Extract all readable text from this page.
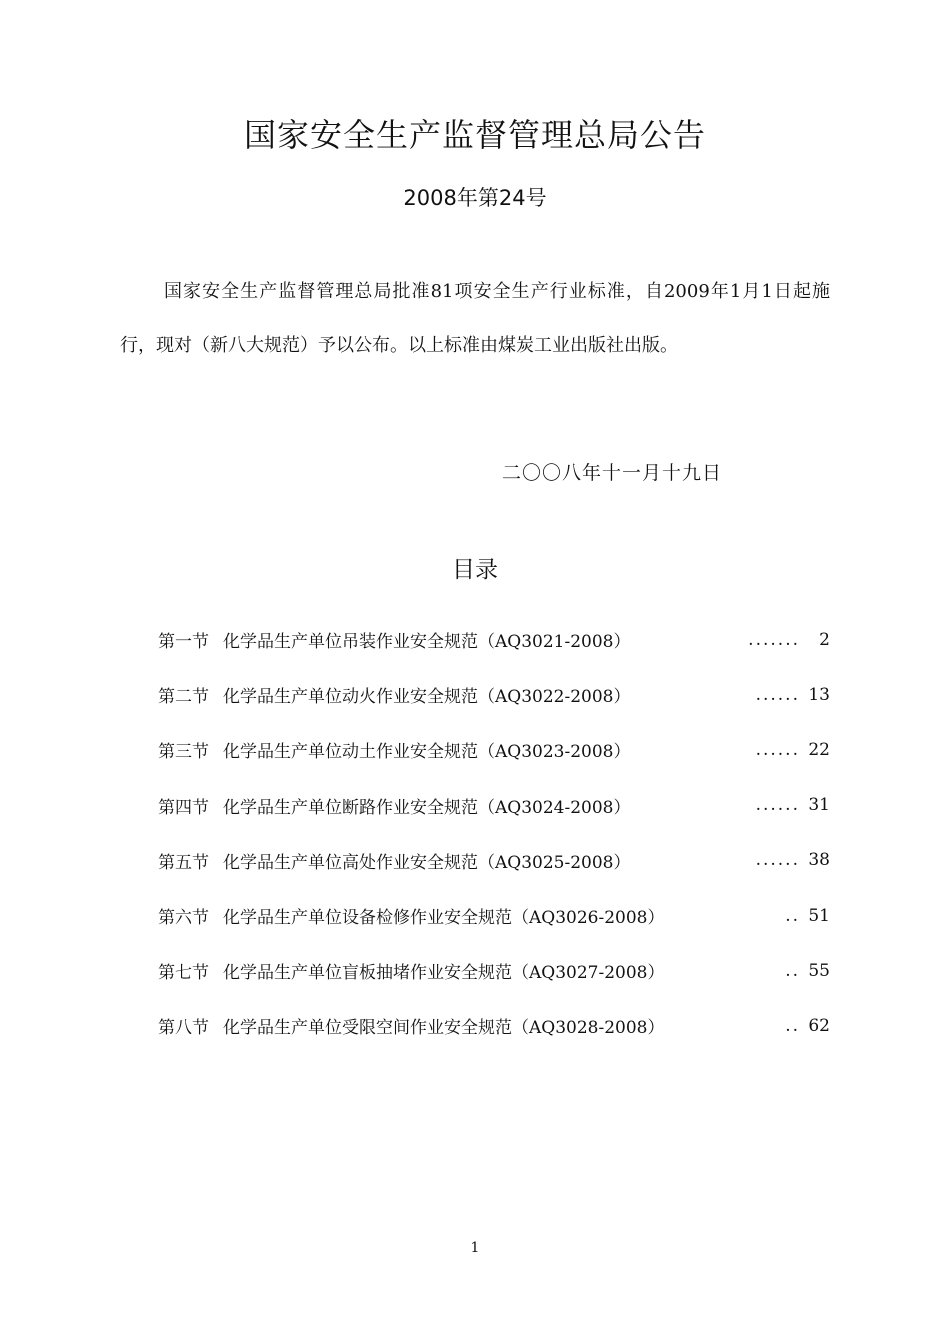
国家安全生产监督管理总局公告
2008年第24号
国家安全生产监督管理总局批准81项安全生产行业标准，自2009年1月1日起施行，现对（新八大规范）予以公布。以上标准由煤炭工业出版社出版。
二〇〇八年十一月十九日
目录
第一节 化学品生产单位吊装作业安全规范（AQ3021-2008）	.......	2
第二节 化学品生产单位动火作业安全规范（AQ3022-2008）	...... 13
第三节 化学品生产单位动土作业安全规范（AQ3023-2008）	...... 22
第四节 化学品生产单位断路作业安全规范（AQ3024-2008）	...... 31
第五节 化学品生产单位高处作业安全规范（AQ3025-2008）	...... 38
第六节 化学品生产单位设备检修作业安全规范（AQ3026-2008）	.. 51
第七节 化学品生产单位盲板抽堵作业安全规范（AQ3027-2008）	.. 55
第八节 化学品生产单位受限空间作业安全规范（AQ3028-2008）	.. 62
1
